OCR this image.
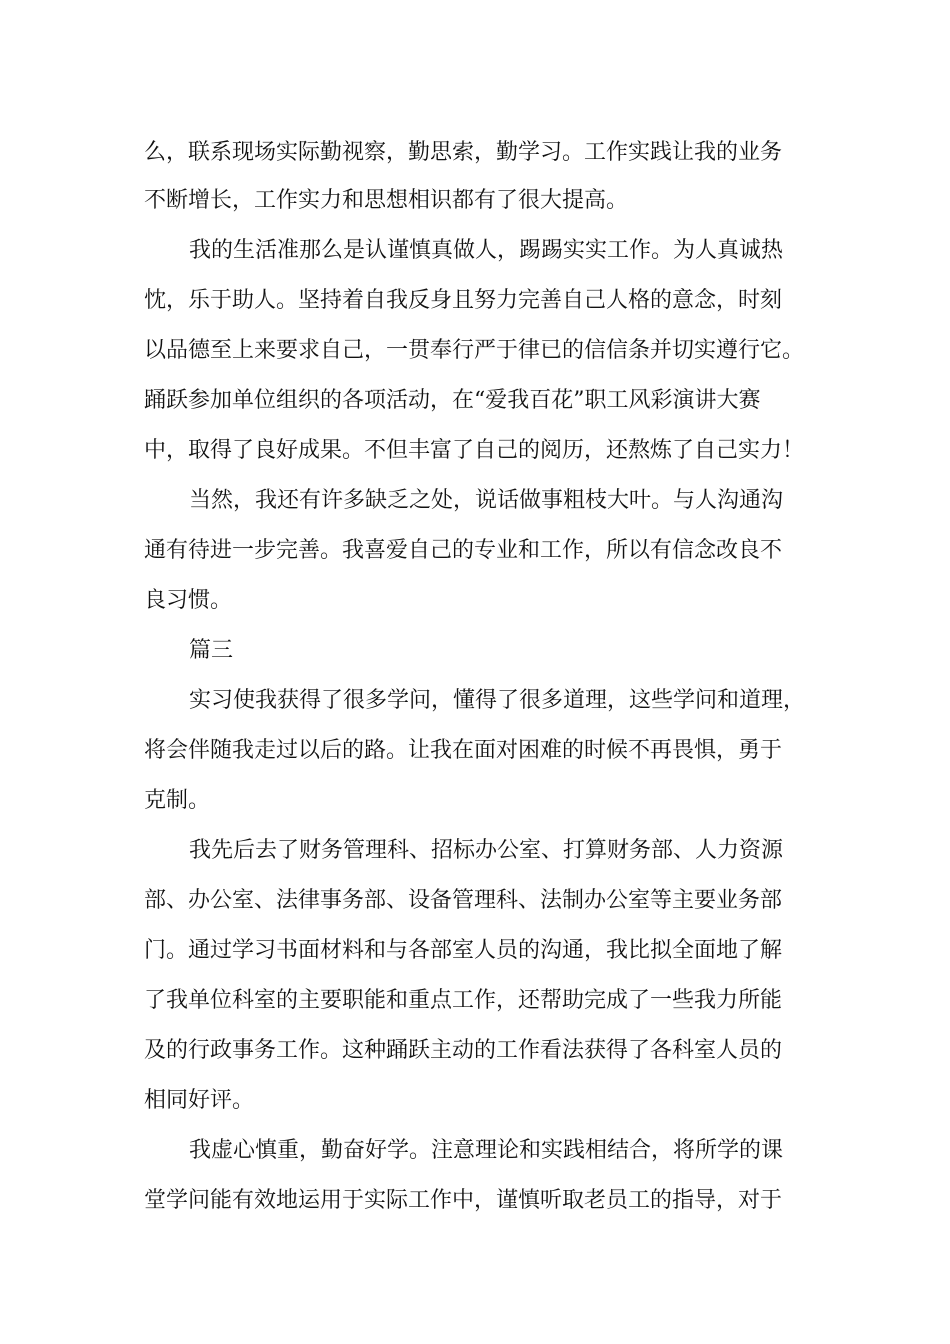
么，联系现场实际勤视察，勤思索，勤学习。工作实践让我的业务
不断增长，工作实力和思想相识都有了很大提高。
我的生活准那么是认谨慎真做人，踢踢实实工作。为人真诚热
忱，乐于助人。坚持着自我反身且努力完善自己人格的意念，时刻
以品德至上来要求自己，一贯奉行严于律已的信信条并切实遵行它。
踊跃参加单位组织的各项活动，在“爱我百花”职工风彩演讲大赛
中，取得了良好成果。不但丰富了自己的阅历，还熬炼了自己实力！
当然，我还有许多缺乏之处，说话做事粗枝大叶。与人沟通沟
通有待进一步完善。我喜爱自己的专业和工作，所以有信念改良不
良习惯。
篇三
实习使我获得了很多学问，懂得了很多道理，这些学问和道理，
将会伴随我走过以后的路。让我在面对困难的时候不再畏惧，勇于
克制。
我先后去了财务管理科、招标办公室、打算财务部、人力资源
部、办公室、法律事务部、设备管理科、法制办公室等主要业务部
门。通过学习书面材料和与各部室人员的沟通，我比拟全面地了解
了我单位科室的主要职能和重点工作，还帮助完成了一些我力所能
及的行政事务工作。这种踊跃主动的工作看法获得了各科室人员的
相同好评。
我虚心慎重，勤奋好学。注意理论和实践相结合，将所学的课
堂学问能有效地运用于实际工作中，谨慎听取老员工的指导，对于
